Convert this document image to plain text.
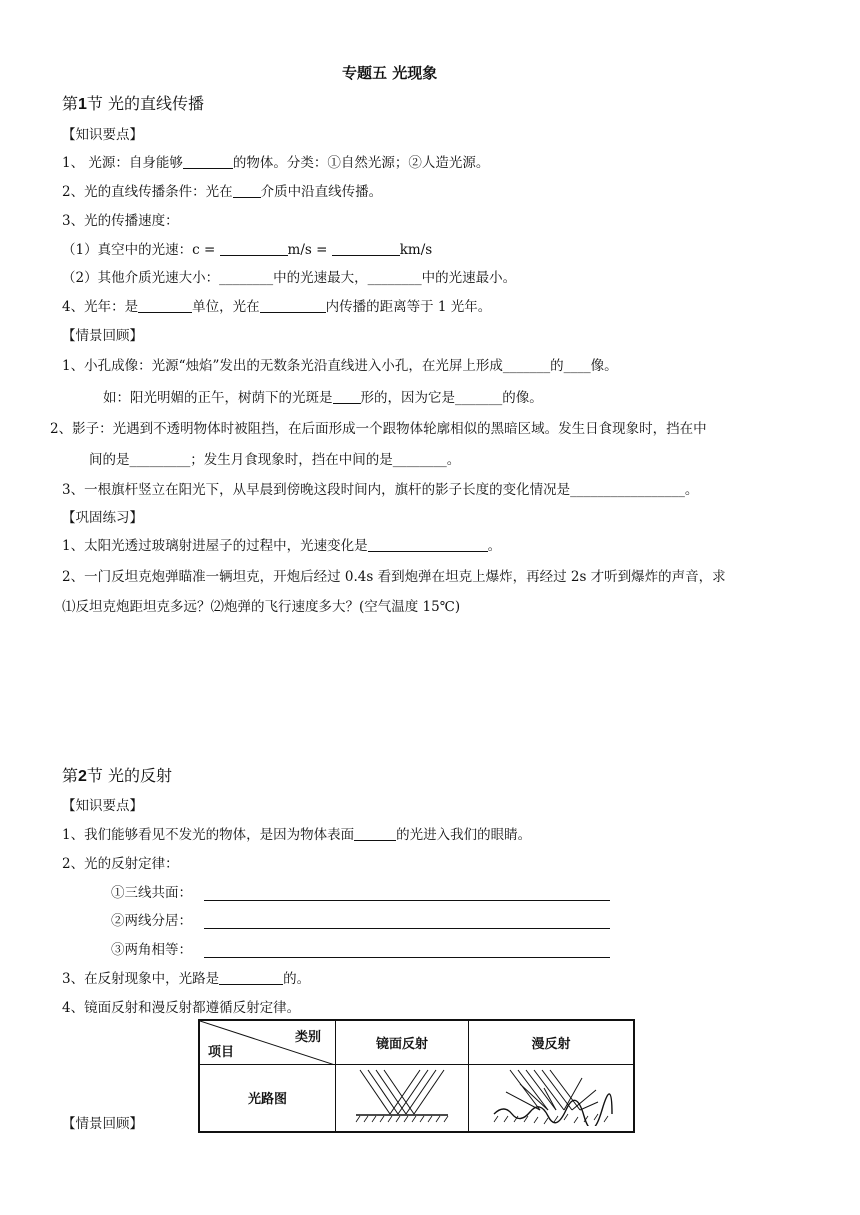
专题五 光现象
第1节 光的直线传播
【知识要点】
1、 光源：自身能够	的物体。分类：①自然光源；②人造光源。
2、光的直线传播条件：光在 介质中沿直线传播。
3、光的传播速度：
（1）真空中的光速：c =	m/s =	km/s
（2）其他介质光速大小：________中的光速最大，________中的光速最小。
4、光年：是	单位，光在	内传播的距离等于 1 光年。
【情景回顾】
1、小孔成像：光源“烛焰”发出的无数条光沿直线进入小孔，在光屏上形成_______的____像。
如：阳光明媚的正午，树荫下的光斑是 形的，因为它是_______的像。
2、影子：光遇到不透明物体时被阻挡，在后面形成一个跟物体轮廓相似的黑暗区域。发生日食现象时，挡在中
间的是_________；发生月食现象时，挡在中间的是________。
3、一根旗杆竖立在阳光下，从早晨到傍晚这段时间内，旗杆的影子长度的变化情况是_________________。
【巩固练习】
1、太阳光透过玻璃射进屋子的过程中，光速变化是	。
2、一门反坦克炮弹瞄准一辆坦克，开炮后经过 0.4s 看到炮弹在坦克上爆炸，再经过 2s 才听到爆炸的声音，求
⑴反坦克炮距坦克多远？⑵炮弹的飞行速度多大？(空气温度 15℃)
第2节 光的反射
【知识要点】
1、我们能够看见不发光的物体，是因为物体表面	的光进入我们的眼睛。
2、光的反射定律：
①三线共面：
②两线分居：
③两角相等：
3、在反射现象中，光路是	的。
4、镜面反射和漫反射都遵循反射定律。
类别
项目	镜面反射	漫反射
光路图		
【情景回顾】
